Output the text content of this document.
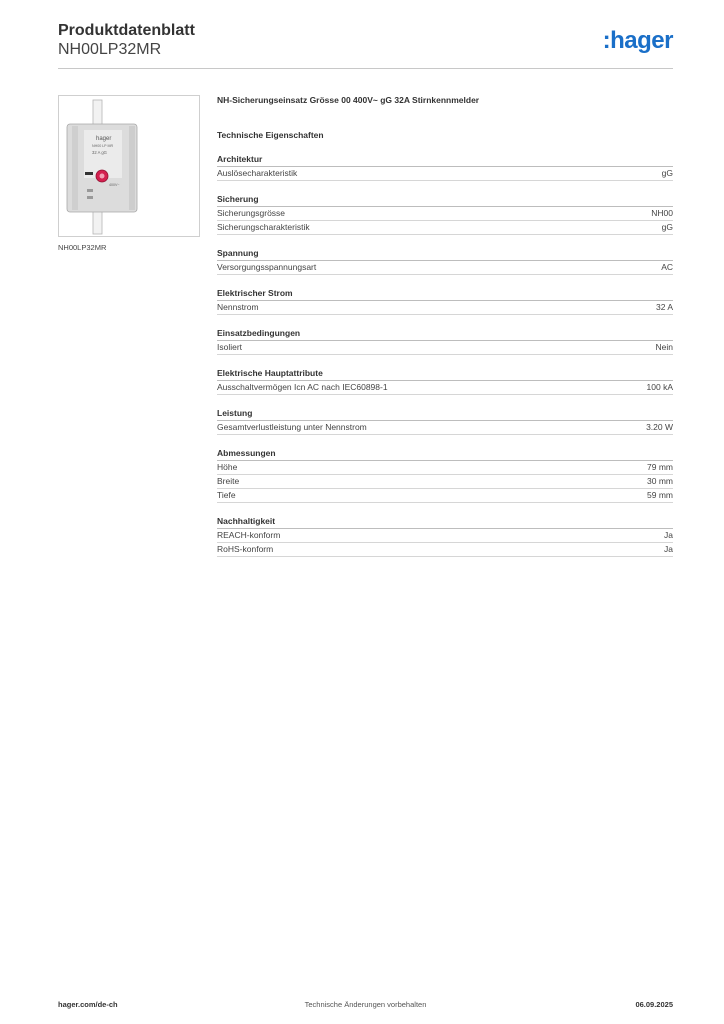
Produktdatenblatt
NH00LP32MR	:hager
hager
NH00 LP MR
32 A gG
400V~
NH00LP32MR
NH-Sicherungseinsatz Grösse 00 400V~ gG 32A Stirnkennmelder
Technische Eigenschaften
Architektur
Auslösecharakteristik	gG
Sicherung
Sicherungsgrösse	NH00
Sicherungscharakteristik	gG
Spannung
Versorgungsspannungsart	AC
Elektrischer Strom
Nennstrom	32 A
Einsatzbedingungen
Isoliert	Nein
Elektrische Hauptattribute
Ausschaltvermögen Icn AC nach IEC60898-1	100 kA
Leistung
Gesamtverlustleistung unter Nennstrom	3.20 W
Abmessungen
Höhe	79 mm
Breite	30 mm
Tiefe	59 mm
Nachhaltigkeit
REACH-konform	Ja
RoHS-konform	Ja
Technische Änderungen vorbehalten
hager.com/de-ch	06.09.2025
